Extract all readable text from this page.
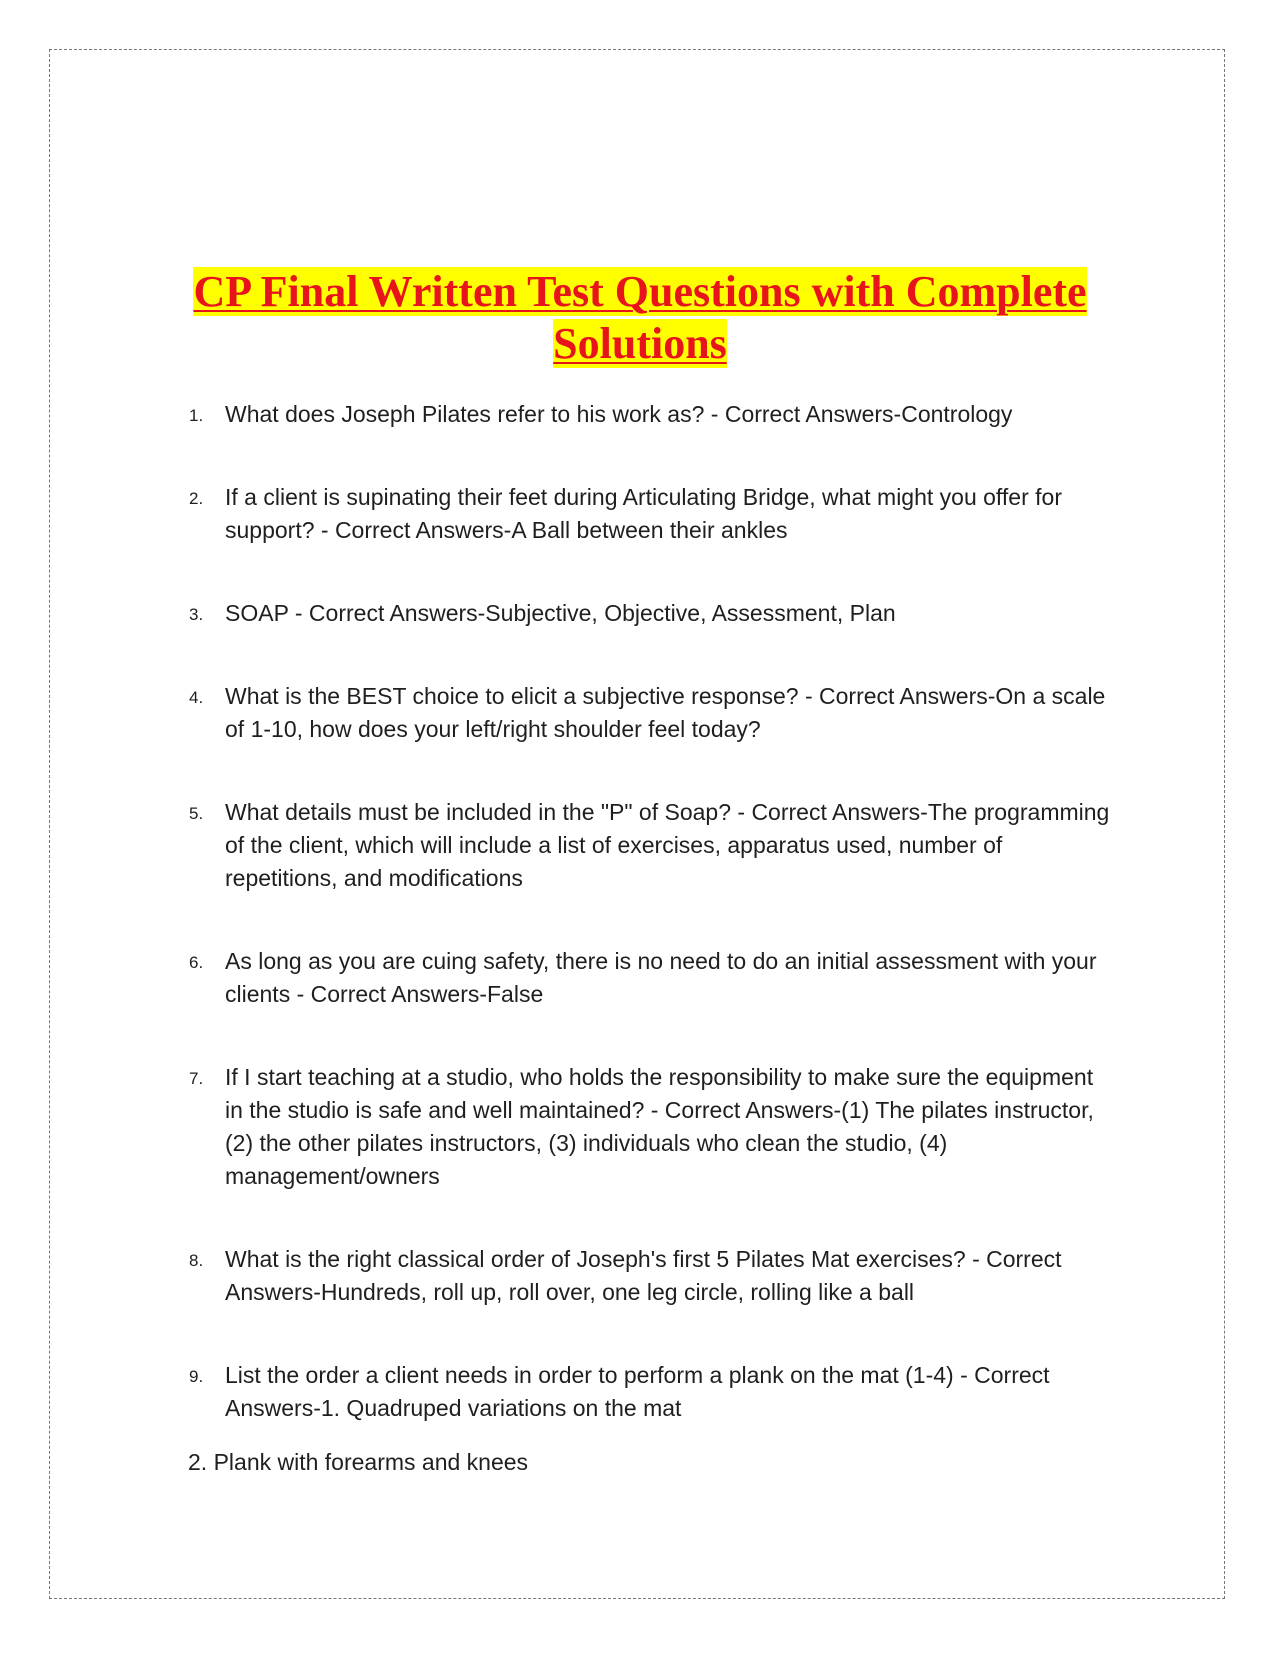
CP Final Written Test Questions with Complete Solutions
1. What does Joseph Pilates refer to his work as? - Correct Answers-Contrology
2. If a client is supinating their feet during Articulating Bridge, what might you offer for support? - Correct Answers-A Ball between their ankles
3. SOAP - Correct Answers-Subjective, Objective, Assessment, Plan
4. What is the BEST choice to elicit a subjective response? - Correct Answers-On a scale of 1-10, how does your left/right shoulder feel today?
5. What details must be included in the "P" of Soap? - Correct Answers-The programming of the client, which will include a list of exercises, apparatus used, number of repetitions, and modifications
6. As long as you are cuing safety, there is no need to do an initial assessment with your clients - Correct Answers-False
7. If I start teaching at a studio, who holds the responsibility to make sure the equipment in the studio is safe and well maintained? - Correct Answers-(1) The pilates instructor, (2) the other pilates instructors, (3) individuals who clean the studio, (4) management/owners
8. What is the right classical order of Joseph's first 5 Pilates Mat exercises? - Correct Answers-Hundreds, roll up, roll over, one leg circle, rolling like a ball
9. List the order a client needs in order to perform a plank on the mat (1-4) - Correct Answers-1. Quadruped variations on the mat
2. Plank with forearms and knees
